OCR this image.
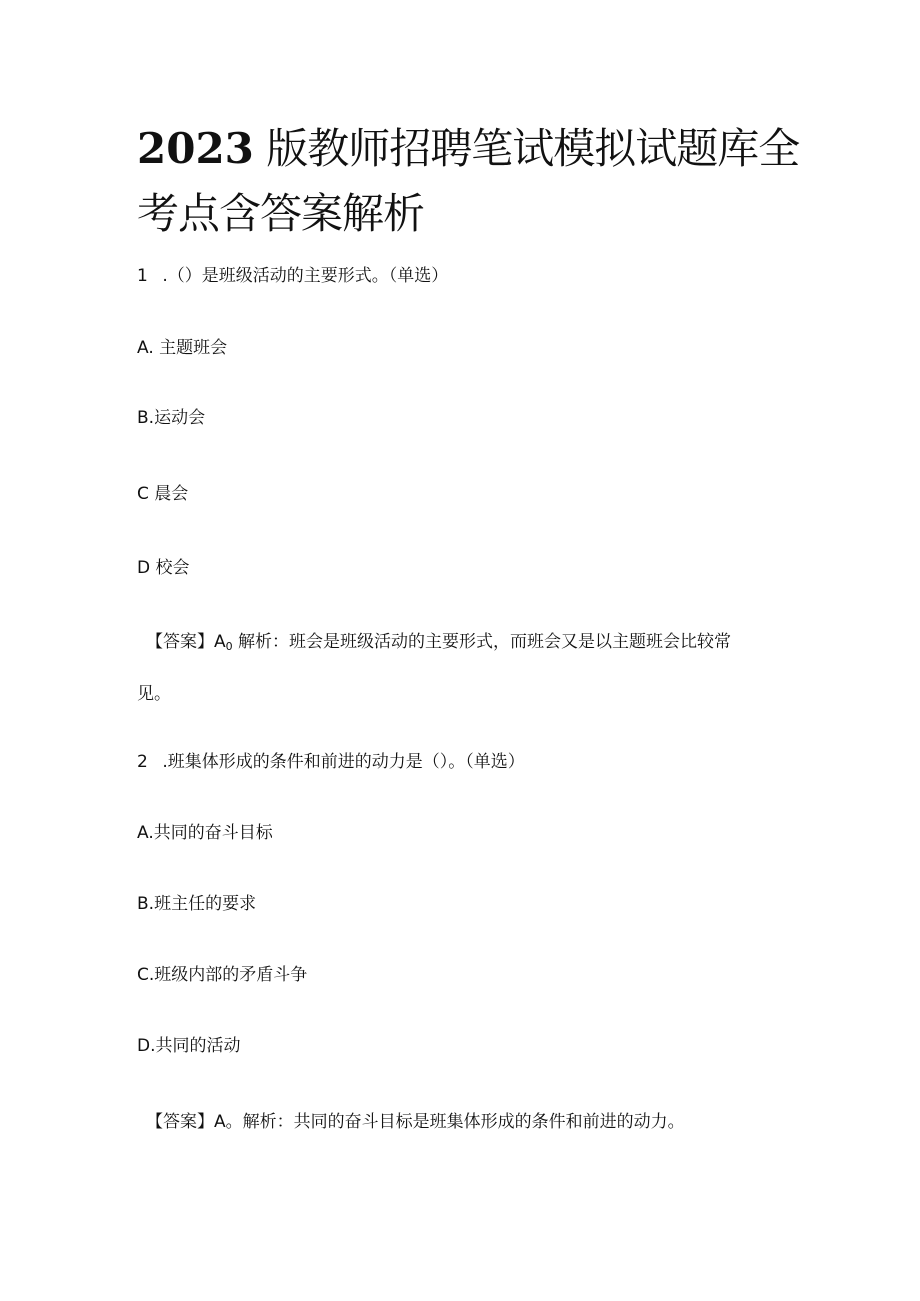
2023 版教师招聘笔试模拟试题库全
考点含答案解析

1 .（）是班级活动的主要形式。（单选）

A. 主题班会

B.运动会

C 晨会

D 校会

【答案】$A_0$ 解析：班会是班级活动的主要形式，而班会又是以主题班会比较常

见。

2 .班集体形成的条件和前进的动力是（）。（单选）

A.共同的奋斗目标

B.班主任的要求

C.班级内部的矛盾斗争

D.共同的活动

【答案】A。解析：共同的奋斗目标是班集体形成的条件和前进的动力。
